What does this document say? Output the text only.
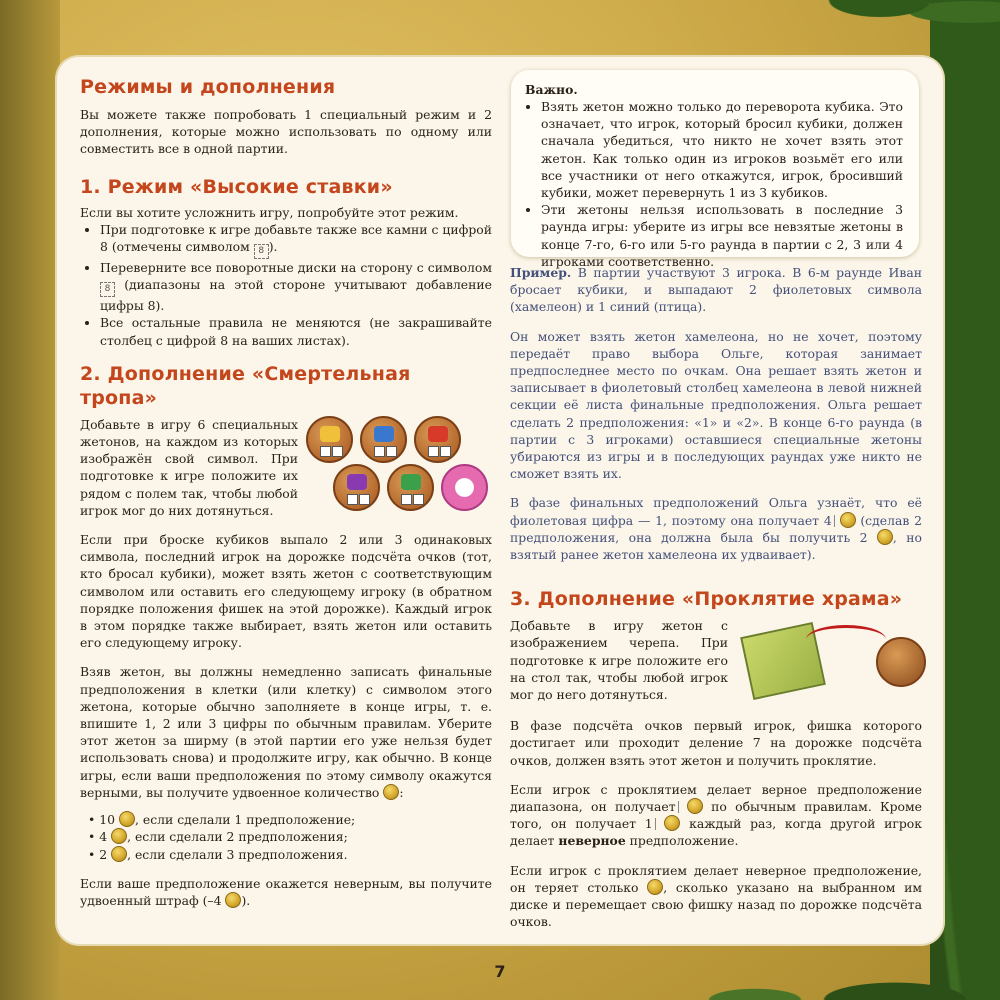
Режимы и дополнения

Вы можете также попробовать 1 специальный режим и 2 дополнения, которые можно использовать по одному или совместить все в одной партии.

1. Режим «Высокие ставки»

Если вы хотите усложнить игру, попробуйте этот режим.

• При подготовке к игре добавьте также все камни с цифрой 8 (отмечены символом 8 ).
• Переверните все поворотные диски на сторону с символом 8 (диапазоны на этой стороне учитывают добавление цифры 8).
• Все остальные правила не меняются (не закрашивайте столбец с цифрой 8 на ваших листах).
2. Дополнение «Смертельная тропа»

Добавьте в игру 6 специальных жетонов, на каждом из которых изображён свой символ. При подготовке к игре положите их рядом с полем так, чтобы любой игрок мог до них дотянуться.

Если при броске кубиков выпало 2 или 3 одинаковых символа, последний игрок на дорожке подсчёта очков (тот, кто бросал кубики), может взять жетон с соответствующим символом или оставить его следующему игроку (в обратном порядке положения фишек на этой дорожке). Каждый игрок в этом порядке также выбирает, взять жетон или оставить его следующему игроку.

Взяв жетон, вы должны немедленно записать финальные предположения в клетки (или клетку) с символом этого жетона, которые обычно заполняете в конце игры, т. е. впишите 1, 2 или 3 цифры по обычным правилам. Уберите этот жетон за ширму (в этой партии его уже нельзя будет использовать снова) и продолжите игру, как обычно. В конце игры, если ваши предположения по этому символу окажутся верными, вы получите удвоенное количество :

• 10 , если сделали 1 предположение;

• 4 , если сделали 2 предположения;

• 2 , если сделали 3 предположения.

Если ваше предположение окажется неверным, вы получите удвоенный штраф (–4 ).

Важно.
• Взять жетон можно только до переворота кубика. Это означает, что игрок, который бросил кубики, должен сначала убедиться, что никто не хочет взять этот жетон. Как только один из игроков возьмёт его или все участники от него откажутся, игрок, бросивший кубики, может перевернуть 1 из 3 кубиков.
• Эти жетоны нельзя использовать в последние 3 раунда игры: уберите из игры все невзятые жетоны в конце 7-го, 6-го или 5-го раунда в партии с 2, 3 или 4 игроками соответственно.

Пример. В партии участвуют 3 игрока. В 6-м раунде Иван бросает кубики, и выпадают 2 фиолетовых символа (хамелеон) и 1 синий (птица).

Он может взять жетон хамелеона, но не хочет, поэтому передаёт право выбора Ольге, которая занимает предпоследнее место по очкам. Она решает взять жетон и записывает в фиолетовый столбец хамелеона в левой нижней секции её листа финальные предположения. Ольга решает сделать 2 предположения: «1» и «2». В конце 6-го раунда (в партии с 3 игроками) оставшиеся специальные жетоны убираются из игры и в последующих раундах уже никто не сможет взять их.

В фазе финальных предположений Ольга узнаёт, что её фиолетовая цифра — 1, поэтому она получает 4 (сделав 2 предположения, она должна была бы получить 2 , но взятый ранее жетон хамелеона их удваивает).

3. Дополнение «Проклятие храма»

Добавьте в игру жетон с изображением черепа. При подготовке к игре положите его на стол так, чтобы любой игрок мог до него дотянуться.

В фазе подсчёта очков первый игрок, фишка которого достигает или проходит деление 7 на дорожке подсчёта очков, должен взять этот жетон и получить проклятие.

Если игрок с проклятием делает верное предположение диапазона, он получает	по обычным правилам. Кроме того, он получает 1	каждый раз, когда другой игрок делает неверное предположение.

Если игрок с проклятием делает неверное предположение, он теряет столько , сколько указано на выбранном им диске и перемещает свою фишку назад по дорожке подсчёта очков.

7
